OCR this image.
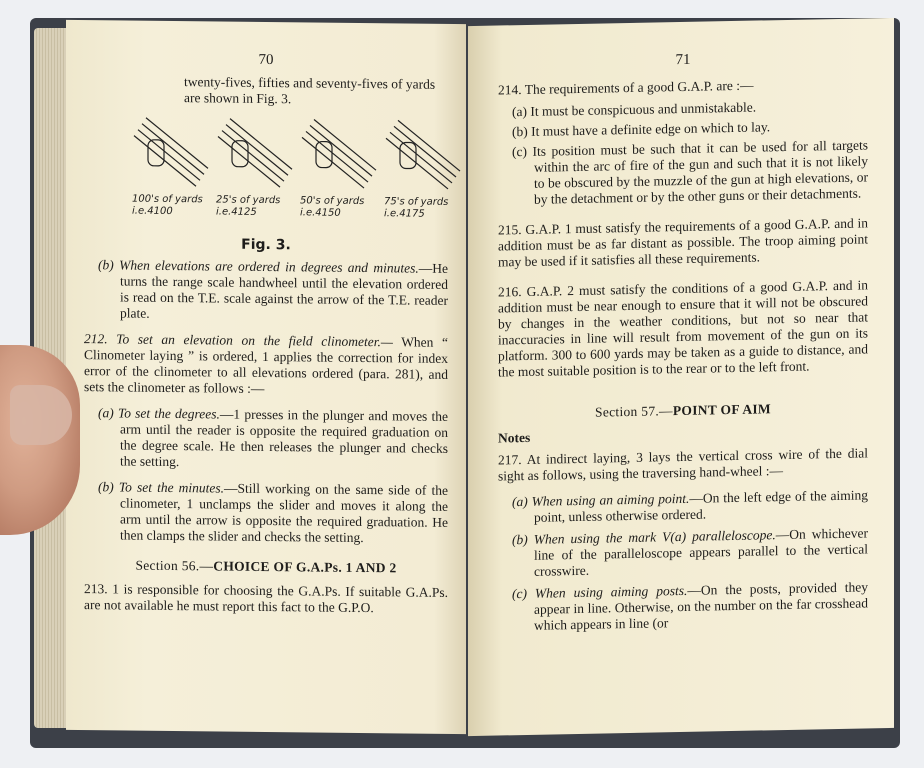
70

twenty-fives, fifties and seventy-fives of yards

are shown in Fig. 3.

100's of yards
i.e.4100
25's of yards
i.e.4125
50's of yards
i.e.4150
75's of yards
i.e.4175

Fig. 3.

(b) When elevations are ordered in degrees and minutes.—He turns the range scale handwheel until the elevation ordered is read on the T.E. scale against the arrow of the T.E. reader plate.

212. To set an elevation on the field clinometer.— When “ Clinometer laying ” is ordered, 1 applies the correction for index error of the clinometer to all elevations ordered (para. 281), and sets the clinometer as follows :—

(a) To set the degrees.—1 presses in the plunger and moves the arm until the reader is opposite the required graduation on the degree scale. He then releases the plunger and checks the setting.

(b) To set the minutes.—Still working on the same side of the clinometer, 1 unclamps the slider and moves it along the arm until the arrow is opposite the required graduation. He then clamps the slider and checks the setting.

Section 56.—CHOICE OF G.A.Ps. 1 AND 2

213. 1 is responsible for choosing the G.A.Ps. If suitable G.A.Ps. are not available he must report this fact to the G.P.O.

71

214. The requirements of a good G.A.P. are :—

(a) It must be conspicuous and unmistakable.

(b) It must have a definite edge on which to lay.

(c) Its position must be such that it can be used for all targets within the arc of fire of the gun and such that it is not likely to be obscured by the muzzle of the gun at high elevations, or by the detachment or by the other guns or their detachments.

215. G.A.P. 1 must satisfy the requirements of a good G.A.P. and in addition must be as far distant as possible. The troop aiming point may be used if it satisfies all these requirements.

216. G.A.P. 2 must satisfy the conditions of a good G.A.P. and in addition must be near enough to ensure that it will not be obscured by changes in the weather conditions, but not so near that inaccuracies in line will result from movement of the gun on its platform. 300 to 600 yards may be taken as a guide to distance, and the most suitable position is to the rear or to the left front.

Section 57.—POINT OF AIM

Notes

217. At indirect laying, 3 lays the vertical cross wire of the dial sight as follows, using the traversing hand-wheel :—

(a) When using an aiming point.—On the left edge of the aiming point, unless otherwise ordered.

(b) When using the mark V(a) paralleloscope.—On whichever line of the paralleloscope appears parallel to the vertical crosswire.

(c) When using aiming posts.—On the posts, provided they appear in line. Otherwise, on the number on the far crosshead which appears in line (or
